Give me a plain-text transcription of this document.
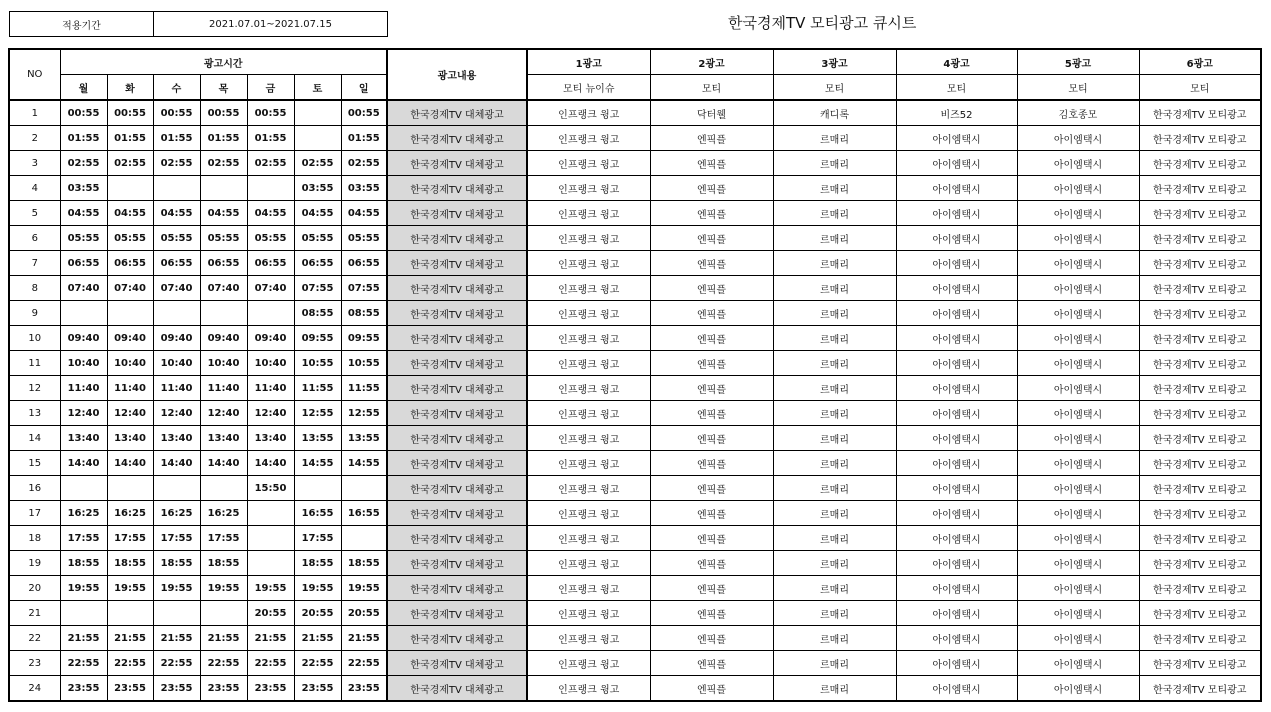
적용기간	2021.07.01~2021.07.15	한국경제TV 모티광고 큐시트
NO	광고시간							광고내용	1광고	2광고	3광고	4광고	5광고	6광고
	월	화	수	목	금	토	일		모티 뉴이슈	모티	모티	모티	모티	모티
1	00:55	00:55	00:55	00:55	00:55		00:55	한국경제TV 대체광고	인프랭크 윙고	닥터웰	캐디록	비즈52	김호종모	한국경제TV 모티광고
2	01:55	01:55	01:55	01:55	01:55		01:55	한국경제TV 대체광고	인프랭크 윙고	엔픽플	르매리	아이엠택시	아이엠택시	한국경제TV 모티광고
3	02:55	02:55	02:55	02:55	02:55	02:55	02:55	한국경제TV 대체광고	인프랭크 윙고	엔픽플	르매리	아이엠택시	아이엠택시	한국경제TV 모티광고
4	03:55					03:55	03:55	한국경제TV 대체광고	인프랭크 윙고	엔픽플	르매리	아이엠택시	아이엠택시	한국경제TV 모티광고
5	04:55	04:55	04:55	04:55	04:55	04:55	04:55	한국경제TV 대체광고	인프랭크 윙고	엔픽플	르매리	아이엠택시	아이엠택시	한국경제TV 모티광고
6	05:55	05:55	05:55	05:55	05:55	05:55	05:55	한국경제TV 대체광고	인프랭크 윙고	엔픽플	르매리	아이엠택시	아이엠택시	한국경제TV 모티광고
7	06:55	06:55	06:55	06:55	06:55	06:55	06:55	한국경제TV 대체광고	인프랭크 윙고	엔픽플	르매리	아이엠택시	아이엠택시	한국경제TV 모티광고
8	07:40	07:40	07:40	07:40	07:40	07:55	07:55	한국경제TV 대체광고	인프랭크 윙고	엔픽플	르매리	아이엠택시	아이엠택시	한국경제TV 모티광고
9						08:55	08:55	한국경제TV 대체광고	인프랭크 윙고	엔픽플	르매리	아이엠택시	아이엠택시	한국경제TV 모티광고
10	09:40	09:40	09:40	09:40	09:40	09:55	09:55	한국경제TV 대체광고	인프랭크 윙고	엔픽플	르매리	아이엠택시	아이엠택시	한국경제TV 모티광고
11	10:40	10:40	10:40	10:40	10:40	10:55	10:55	한국경제TV 대체광고	인프랭크 윙고	엔픽플	르매리	아이엠택시	아이엠택시	한국경제TV 모티광고
12	11:40	11:40	11:40	11:40	11:40	11:55	11:55	한국경제TV 대체광고	인프랭크 윙고	엔픽플	르매리	아이엠택시	아이엠택시	한국경제TV 모티광고
13	12:40	12:40	12:40	12:40	12:40	12:55	12:55	한국경제TV 대체광고	인프랭크 윙고	엔픽플	르매리	아이엠택시	아이엠택시	한국경제TV 모티광고
14	13:40	13:40	13:40	13:40	13:40	13:55	13:55	한국경제TV 대체광고	인프랭크 윙고	엔픽플	르매리	아이엠택시	아이엠택시	한국경제TV 모티광고
15	14:40	14:40	14:40	14:40	14:40	14:55	14:55	한국경제TV 대체광고	인프랭크 윙고	엔픽플	르매리	아이엠택시	아이엠택시	한국경제TV 모티광고
16					15:50			한국경제TV 대체광고	인프랭크 윙고	엔픽플	르매리	아이엠택시	아이엠택시	한국경제TV 모티광고
17	16:25	16:25	16:25	16:25		16:55	16:55	한국경제TV 대체광고	인프랭크 윙고	엔픽플	르매리	아이엠택시	아이엠택시	한국경제TV 모티광고
18	17:55	17:55	17:55	17:55		17:55		한국경제TV 대체광고	인프랭크 윙고	엔픽플	르매리	아이엠택시	아이엠택시	한국경제TV 모티광고
19	18:55	18:55	18:55	18:55		18:55	18:55	한국경제TV 대체광고	인프랭크 윙고	엔픽플	르매리	아이엠택시	아이엠택시	한국경제TV 모티광고
20	19:55	19:55	19:55	19:55	19:55	19:55	19:55	한국경제TV 대체광고	인프랭크 윙고	엔픽플	르매리	아이엠택시	아이엠택시	한국경제TV 모티광고
21					20:55	20:55	20:55	한국경제TV 대체광고	인프랭크 윙고	엔픽플	르매리	아이엠택시	아이엠택시	한국경제TV 모티광고
22	21:55	21:55	21:55	21:55	21:55	21:55	21:55	한국경제TV 대체광고	인프랭크 윙고	엔픽플	르매리	아이엠택시	아이엠택시	한국경제TV 모티광고
23	22:55	22:55	22:55	22:55	22:55	22:55	22:55	한국경제TV 대체광고	인프랭크 윙고	엔픽플	르매리	아이엠택시	아이엠택시	한국경제TV 모티광고
24	23:55	23:55	23:55	23:55	23:55	23:55	23:55	한국경제TV 대체광고	인프랭크 윙고	엔픽플	르매리	아이엠택시	아이엠택시	한국경제TV 모티광고
